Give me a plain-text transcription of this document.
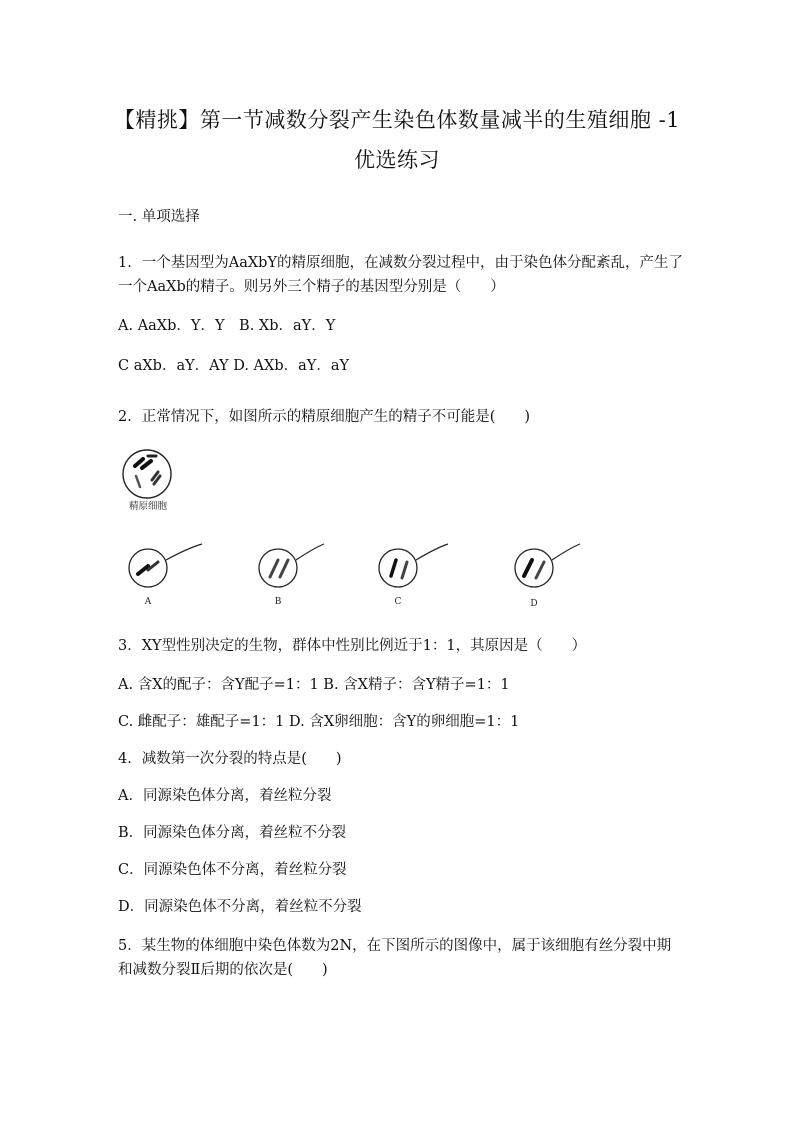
【精挑】第一节减数分裂产生染色体数量减半的生殖细胞 -1
优选练习
一. 单项选择
1．一个基因型为AaXbY的精原细胞，在减数分裂过程中，由于染色体分配紊乱，产生了
一个AaXb的精子。则另外三个精子的基因型分别是（　　）
A. AaXb．Y．Y　B. Xb．aY．Y
C aXb．aY．AY D. AXb．aY．aY
2．正常情况下，如图所示的精原细胞产生的精子不可能是(　　)
精原细胞
A	B	C	D
3．XY型性别决定的生物，群体中性别比例近于1：1，其原因是（　　）
A. 含X的配子：含Y配子=1：1 B. 含X精子：含Y精子=1：1
C. 雌配子：雄配子=1：1 D. 含X卵细胞：含Y的卵细胞=1：1
4．减数第一次分裂的特点是(　　)
A．同源染色体分离，着丝粒分裂
B．同源染色体分离，着丝粒不分裂
C．同源染色体不分离，着丝粒分裂
D．同源染色体不分离，着丝粒不分裂
5．某生物的体细胞中染色体数为2N，在下图所示的图像中，属于该细胞有丝分裂中期
和减数分裂Ⅱ后期的依次是(　　)
